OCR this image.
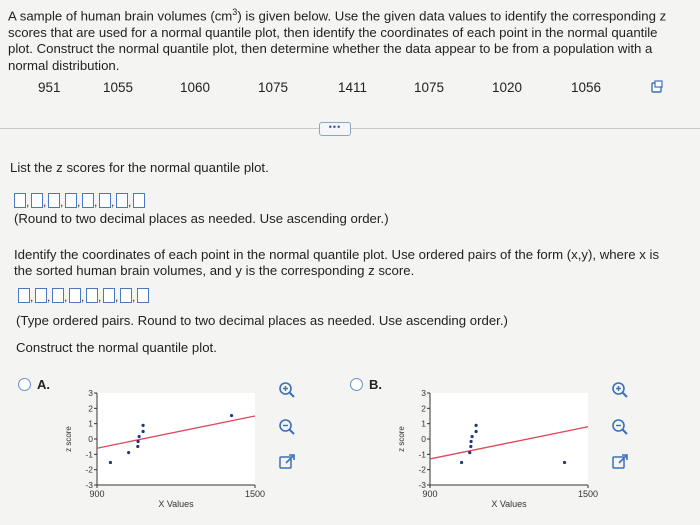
A sample of human brain volumes $(cm^3)$ is given below. Use the given data values to identify the corresponding z
scores that are used for a normal quantile plot, then identify the coordinates of each point in the normal quantile
plot. Construct the normal quantile plot, then determine whether the data appear to be from a population with a
normal distribution.
951	1055	1060	1075	1411	1075	1020	1056
•••
List the z scores for the normal quantile plot.
, , , , , , ,
(Round to two decimal places as needed. Use ascending order.)
Identify the coordinates of each point in the normal quantile plot. Use ordered pairs of the form (x,y), where x is
the sorted human brain volumes, and y is the corresponding z score.
, , , , , , ,
(Type ordered pairs. Round to two decimal places as needed. Use ascending order.)
Construct the normal quantile plot.
A.
3
2
1
0
-1
-2
-3
900	1500
X Values
z score
B.
3
2
1
0
-1
-2
-3
900	1500
X Values
z score
